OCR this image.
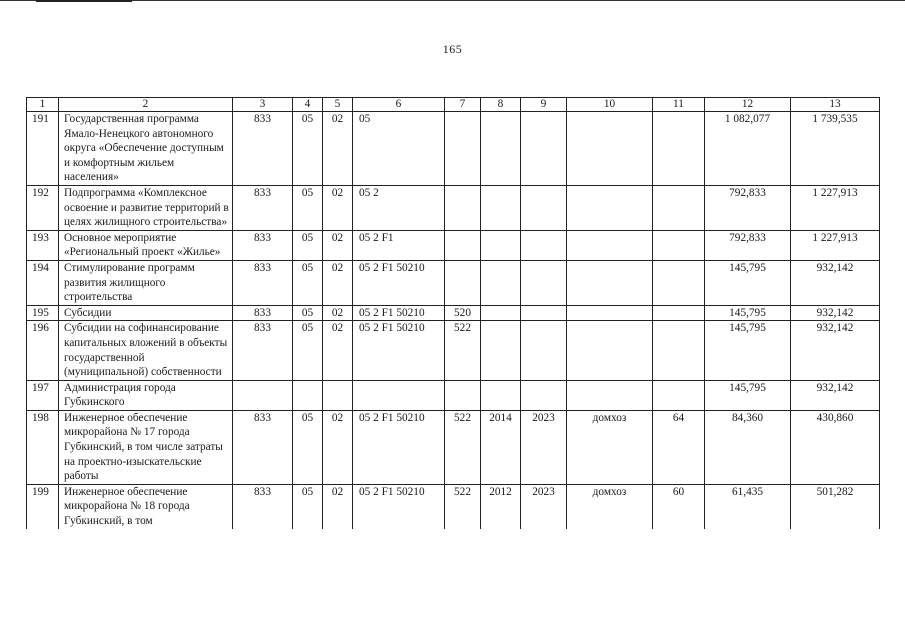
165
1	2	3	4	5	6	7	8	9	10	11	12	13
191	Государственная программа Ямало-Ненецкого автономного округа «Обеспечение доступным и комфортным жильем населения»	833	05	02	05						1 082,077	1 739,535
192	Подпрограмма «Комплексное освоение и развитие территорий в целях жилищного строительства»	833	05	02	05 2						792,833	1 227,913
193	Основное мероприятие «Региональный проект «Жилье»	833	05	02	05 2 F1						792,833	1 227,913
194	Стимулирование программ развития жилищного строительства	833	05	02	05 2 F1 50210						145,795	932,142
195	Субсидии	833	05	02	05 2 F1 50210	520					145,795	932,142
196	Субсидии на софинансирование капитальных вложений в объекты государственной (муниципальной) собственности	833	05	02	05 2 F1 50210	522					145,795	932,142
197	Администрация города Губкинского										145,795	932,142
198	Инженерное обеспечение микрорайона № 17 города Губкинский, в том числе затраты на проектно-изыскательские работы	833	05	02	05 2 F1 50210	522	2014	2023	домхоз	64	84,360	430,860
199	Инженерное обеспечение микрорайона № 18 города Губкинский, в том	833	05	02	05 2 F1 50210	522	2012	2023	домхоз	60	61,435	501,282
